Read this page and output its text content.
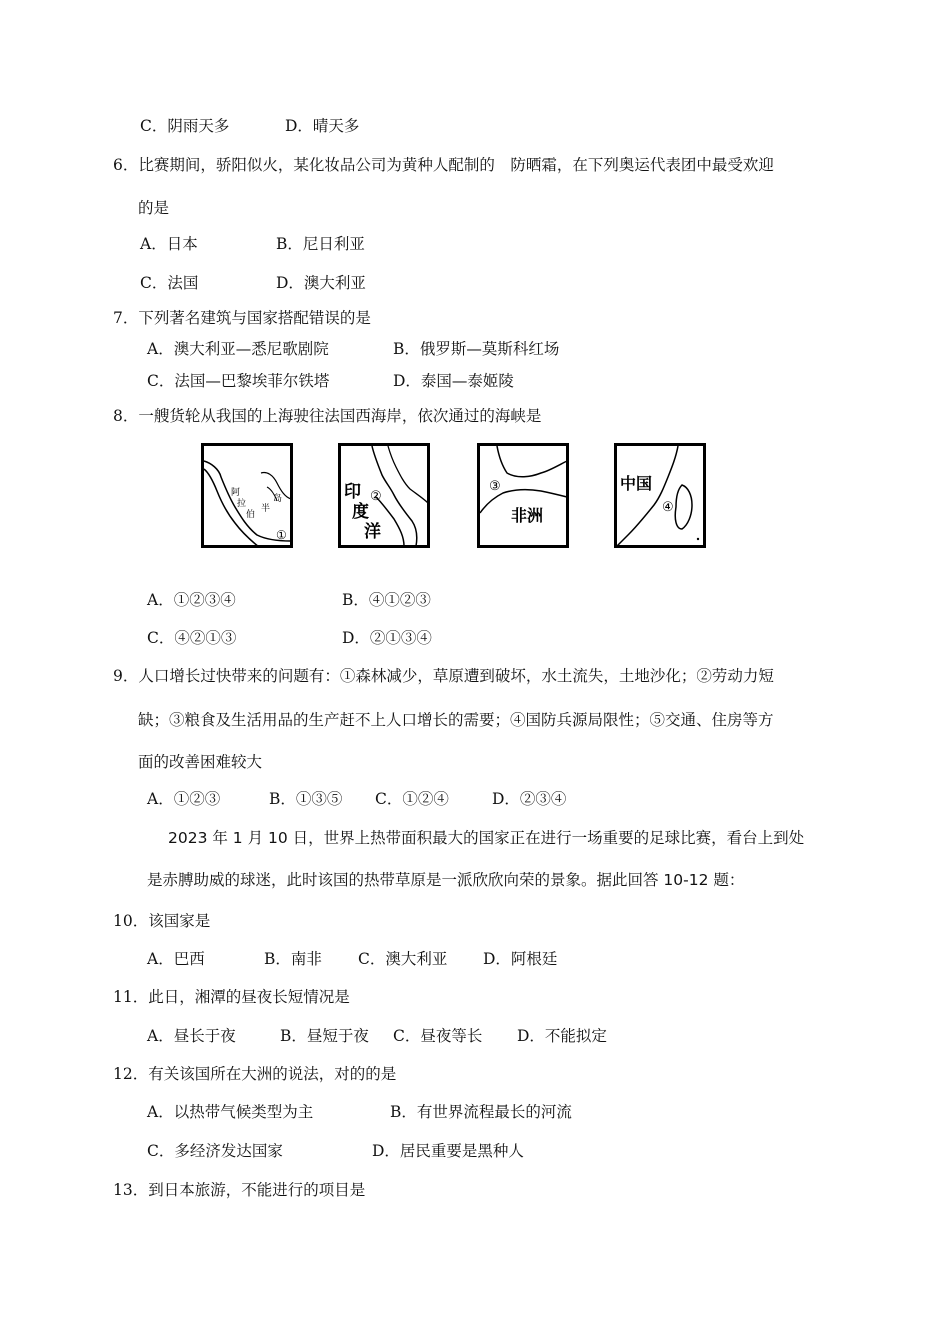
C．阴雨天多	D．晴天多
6．比赛期间，骄阳似火，某化妆品公司为黄种人配制的　防晒霜，在下列奥运代表团中最受欢迎
的是
A．日本	B．尼日利亚
C．法国	D．澳大利亚
7．下列著名建筑与国家搭配错误的是
A．澳大利亚—悉尼歌剧院	B．俄罗斯—莫斯科红场
C．法国—巴黎埃菲尔铁塔	D．泰国—泰姬陵
8．一艘货轮从我国的上海驶往法国西海岸，依次通过的海峡是
阿
拉
伯
半
岛
①
印
度
洋
②
③
非洲
中国
④
A．①②③④	B．④①②③
C．④②①③	D．②①③④
9．人口增长过快带来的问题有：①森林减少，草原遭到破坏，水土流失，土地沙化；②劳动力短
缺；③粮食及生活用品的生产赶不上人口增长的需要；④国防兵源局限性；⑤交通、住房等方
面的改善困难较大
A．①②③	B．①③⑤ C．①②④	D．②③④
2023 年 1 月 10 日，世界上热带面积最大的国家正在进行一场重要的足球比赛，看台上到处
是赤膊助威的球迷，此时该国的热带草原是一派欣欣向荣的景象。据此回答 10-12 题：
10．该国家是
A．巴西	B．南非 C．澳大利亚 D．阿根廷
11．此日，湘潭的昼夜长短情况是
A．昼长于夜	B．昼短于夜 C．昼夜等长 D．不能拟定
12．有关该国所在大洲的说法，对的的是
A．以热带气候类型为主	B．有世界流程最长的河流
C．多经济发达国家	D．居民重要是黑种人
13．到日本旅游，不能进行的项目是
